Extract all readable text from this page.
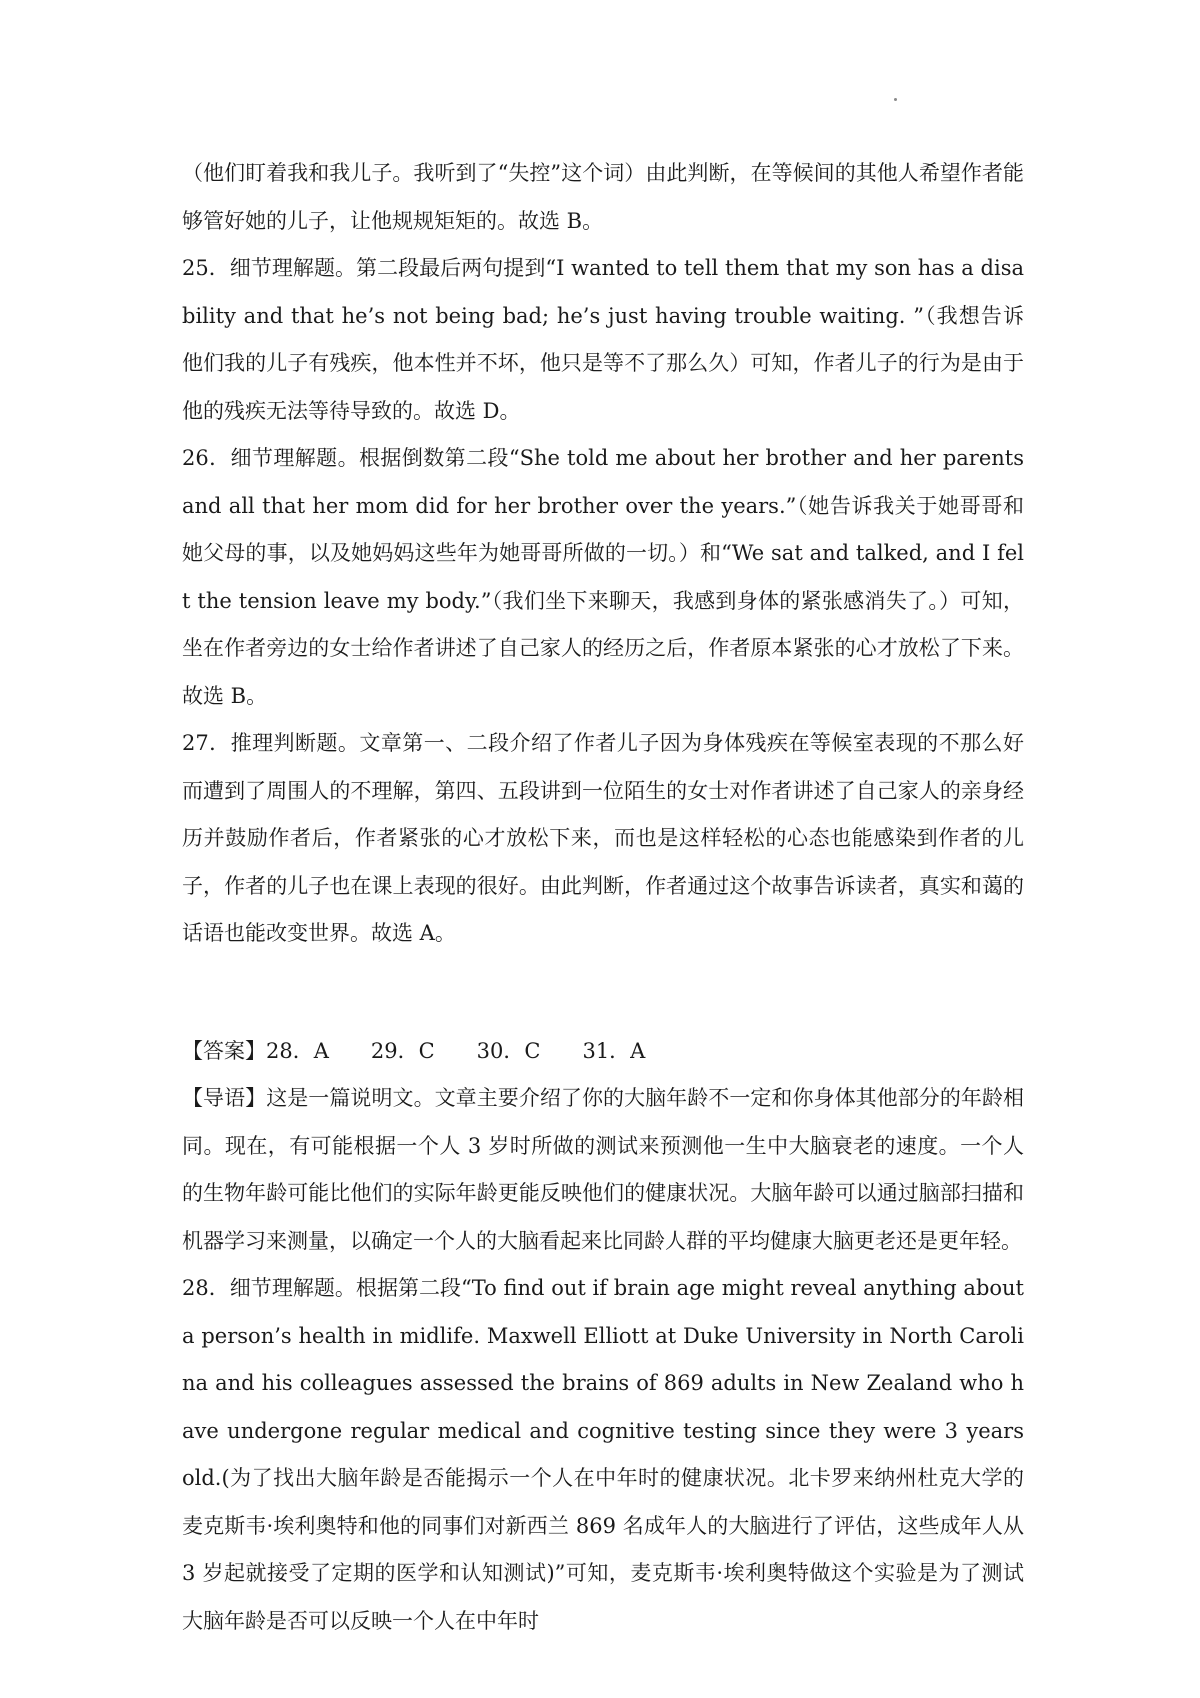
（他们盯着我和我儿子。我听到了“失控”这个词）由此判断，在等候间的其他人希望作者能够管好她的儿子，让他规规矩矩的。故选 B。

25．细节理解题。第二段最后两句提到“I wanted to tell them that my son has a disability and that he’s not being bad; he’s just having trouble waiting. ”（我想告诉他们我的儿子有残疾，他本性并不坏，他只是等不了那么久）可知，作者儿子的行为是由于他的残疾无法等待导致的。故选 D。

26．细节理解题。根据倒数第二段“She told me about her brother and her parents and all that her mom did for her brother over the years.”（她告诉我关于她哥哥和她父母的事，以及她妈妈这些年为她哥哥所做的一切。）和“We sat and talked, and I felt the tension leave my body.”（我们坐下来聊天，我感到身体的紧张感消失了。）可知，坐在作者旁边的女士给作者讲述了自己家人的经历之后，作者原本紧张的心才放松了下来。故选 B。

27．推理判断题。文章第一、二段介绍了作者儿子因为身体残疾在等候室表现的不那么好而遭到了周围人的不理解，第四、五段讲到一位陌生的女士对作者讲述了自己家人的亲身经历并鼓励作者后，作者紧张的心才放松下来，而也是这样轻松的心态也能感染到作者的儿子，作者的儿子也在课上表现的很好。由此判断，作者通过这个故事告诉读者，真实和蔼的话语也能改变世界。故选 A。

【答案】28．A　　29．C　　30．C　　31．A

【导语】这是一篇说明文。文章主要介绍了你的大脑年龄不一定和你身体其他部分的年龄相同。现在，有可能根据一个人 3 岁时所做的测试来预测他一生中大脑衰老的速度。一个人的生物年龄可能比他们的实际年龄更能反映他们的健康状况。大脑年龄可以通过脑部扫描和机器学习来测量，以确定一个人的大脑看起来比同龄人群的平均健康大脑更老还是更年轻。

28．细节理解题。根据第二段“To find out if brain age might reveal anything about a person’s health in midlife. Maxwell Elliott at Duke University in North Carolina and his colleagues assessed the brains of 869 adults in New Zealand who have undergone regular medical and cognitive testing since they were 3 years old.(为了找出大脑年龄是否能揭示一个人在中年时的健康状况。北卡罗来纳州杜克大学的麦克斯韦·埃利奥特和他的同事们对新西兰 869 名成年人的大脑进行了评估，这些成年人从 3 岁起就接受了定期的医学和认知测试)”可知，麦克斯韦·埃利奥特做这个实验是为了测试大脑年龄是否可以反映一个人在中年时
